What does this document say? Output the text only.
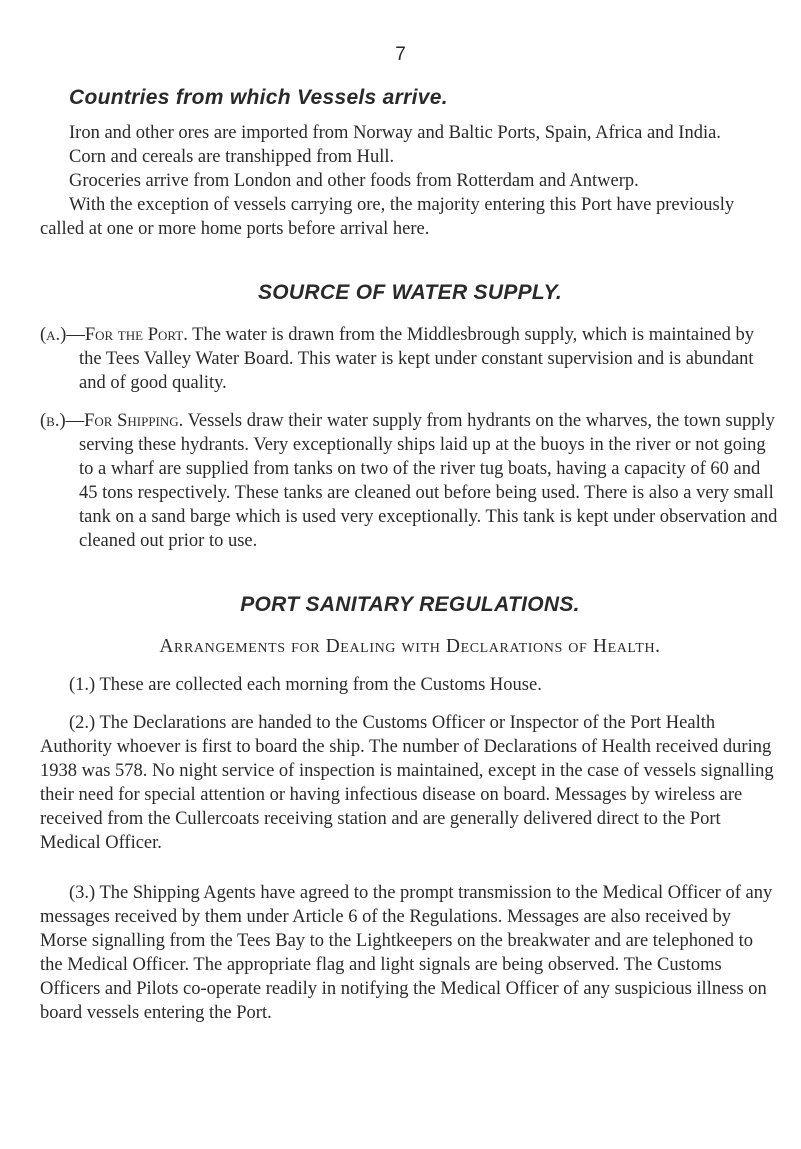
7
Countries from which Vessels arrive.

Iron and other ores are imported from Norway and Baltic Ports, Spain, Africa and India.

Corn and cereals are transhipped from Hull.

Groceries arrive from London and other foods from Rotterdam and Antwerp.

With the exception of vessels carrying ore, the majority entering this Port have previously called at one or more home ports before arrival here.

SOURCE OF WATER SUPPLY.

(a.)—For the Port. The water is drawn from the Middlesbrough supply, which is maintained by the Tees Valley Water Board. This water is kept under constant supervision and is abundant and of good quality.

(b.)—For Shipping. Vessels draw their water supply from hydrants on the wharves, the town supply serving these hydrants. Very exceptionally ships laid up at the buoys in the river or not going to a wharf are supplied from tanks on two of the river tug boats, having a capacity of 60 and 45 tons respectively. These tanks are cleaned out before being used. There is also a very small tank on a sand barge which is used very exceptionally. This tank is kept under observation and cleaned out prior to use.

PORT SANITARY REGULATIONS.
Arrangements for Dealing with Declarations of Health.

(1.) These are collected each morning from the Customs House.

(2.) The Declarations are handed to the Customs Officer or Inspector of the Port Health Authority whoever is first to board the ship. The number of Declarations of Health received during 1938 was 578. No night service of inspection is maintained, except in the case of vessels signalling their need for special attention or having infectious disease on board. Messages by wireless are received from the Cullercoats receiving station and are generally delivered direct to the Port Medical Officer.

(3.) The Shipping Agents have agreed to the prompt transmission to the Medical Officer of any messages received by them under Article 6 of the Regulations. Messages are also received by Morse signalling from the Tees Bay to the Lightkeepers on the breakwater and are telephoned to the Medical Officer. The appropriate flag and light signals are being observed. The Customs Officers and Pilots co-operate readily in notifying the Medical Officer of any suspicious illness on board vessels entering the Port.
